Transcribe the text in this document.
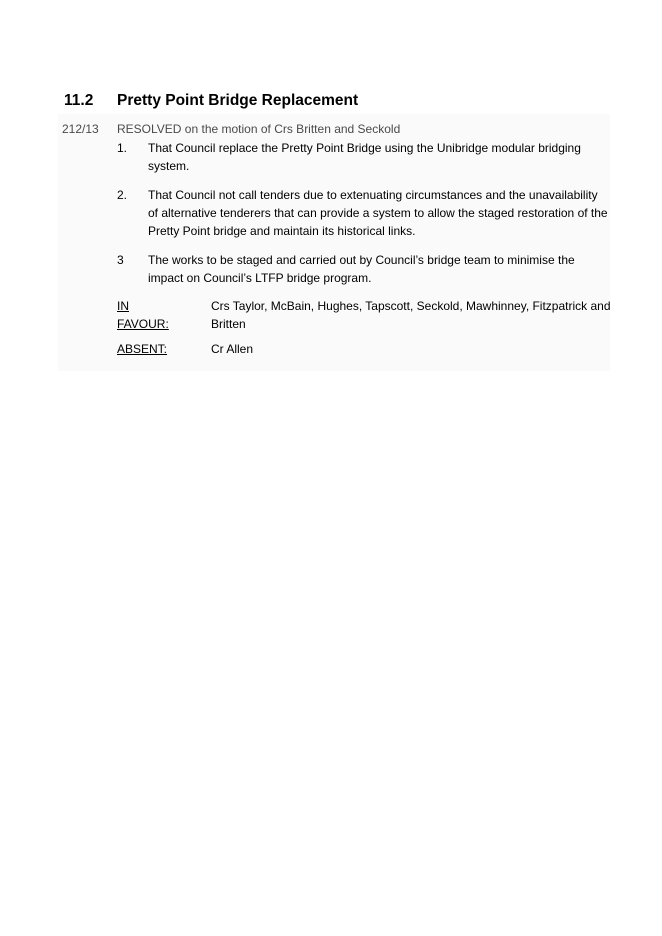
11.2 Pretty Point Bridge Replacement
212/13 RESOLVED on the motion of Crs Britten and Seckold
1. That Council replace the Pretty Point Bridge using the Unibridge modular bridging system.
2. That Council not call tenders due to extenuating circumstances and the unavailability of alternative tenderers that can provide a system to allow the staged restoration of the Pretty Point bridge and maintain its historical links.
3 The works to be staged and carried out by Council’s bridge team to minimise the impact on Council’s LTFP bridge program.
IN FAVOUR:
Crs Taylor, McBain, Hughes, Tapscott, Seckold, Mawhinney, Fitzpatrick and Britten
ABSENT:	Cr Allen
